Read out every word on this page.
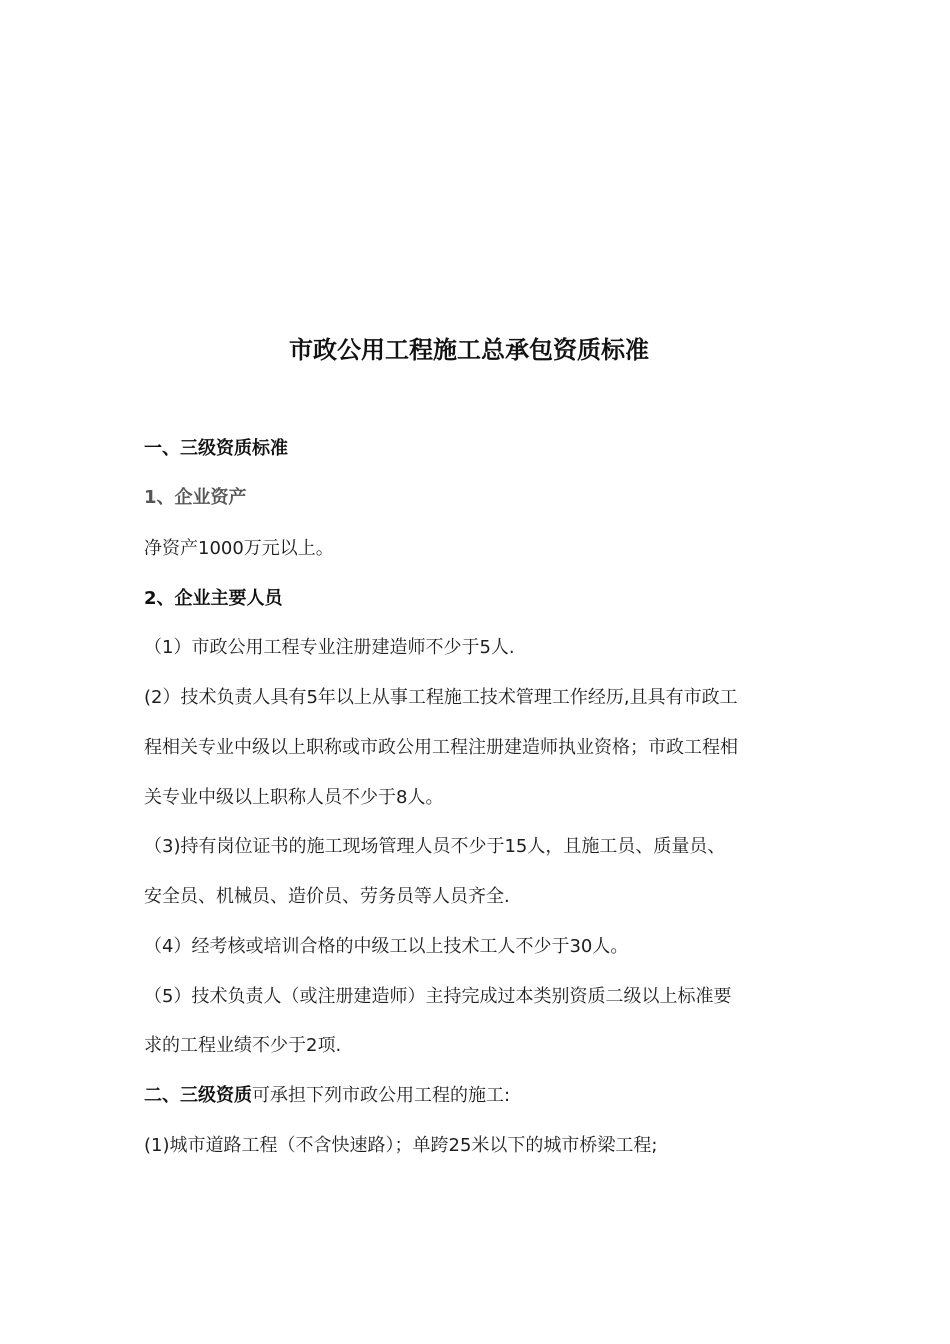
市政公用工程施工总承包资质标准
一、三级资质标准
1、企业资产
净资产1000万元以上。
2、企业主要人员
（1）市政公用工程专业注册建造师不少于5人.
(2）技术负责人具有5年以上从事工程施工技术管理工作经历,且具有市政工
程相关专业中级以上职称或市政公用工程注册建造师执业资格；市政工程相
关专业中级以上职称人员不少于8人。
（3)持有岗位证书的施工现场管理人员不少于15人，且施工员、质量员、
安全员、机械员、造价员、劳务员等人员齐全.
（4）经考核或培训合格的中级工以上技术工人不少于30人。
（5）技术负责人（或注册建造师）主持完成过本类别资质二级以上标准要
求的工程业绩不少于2项.
二、三级资质可承担下列市政公用工程的施工:
(1)城市道路工程（不含快速路）；单跨25米以下的城市桥梁工程;
